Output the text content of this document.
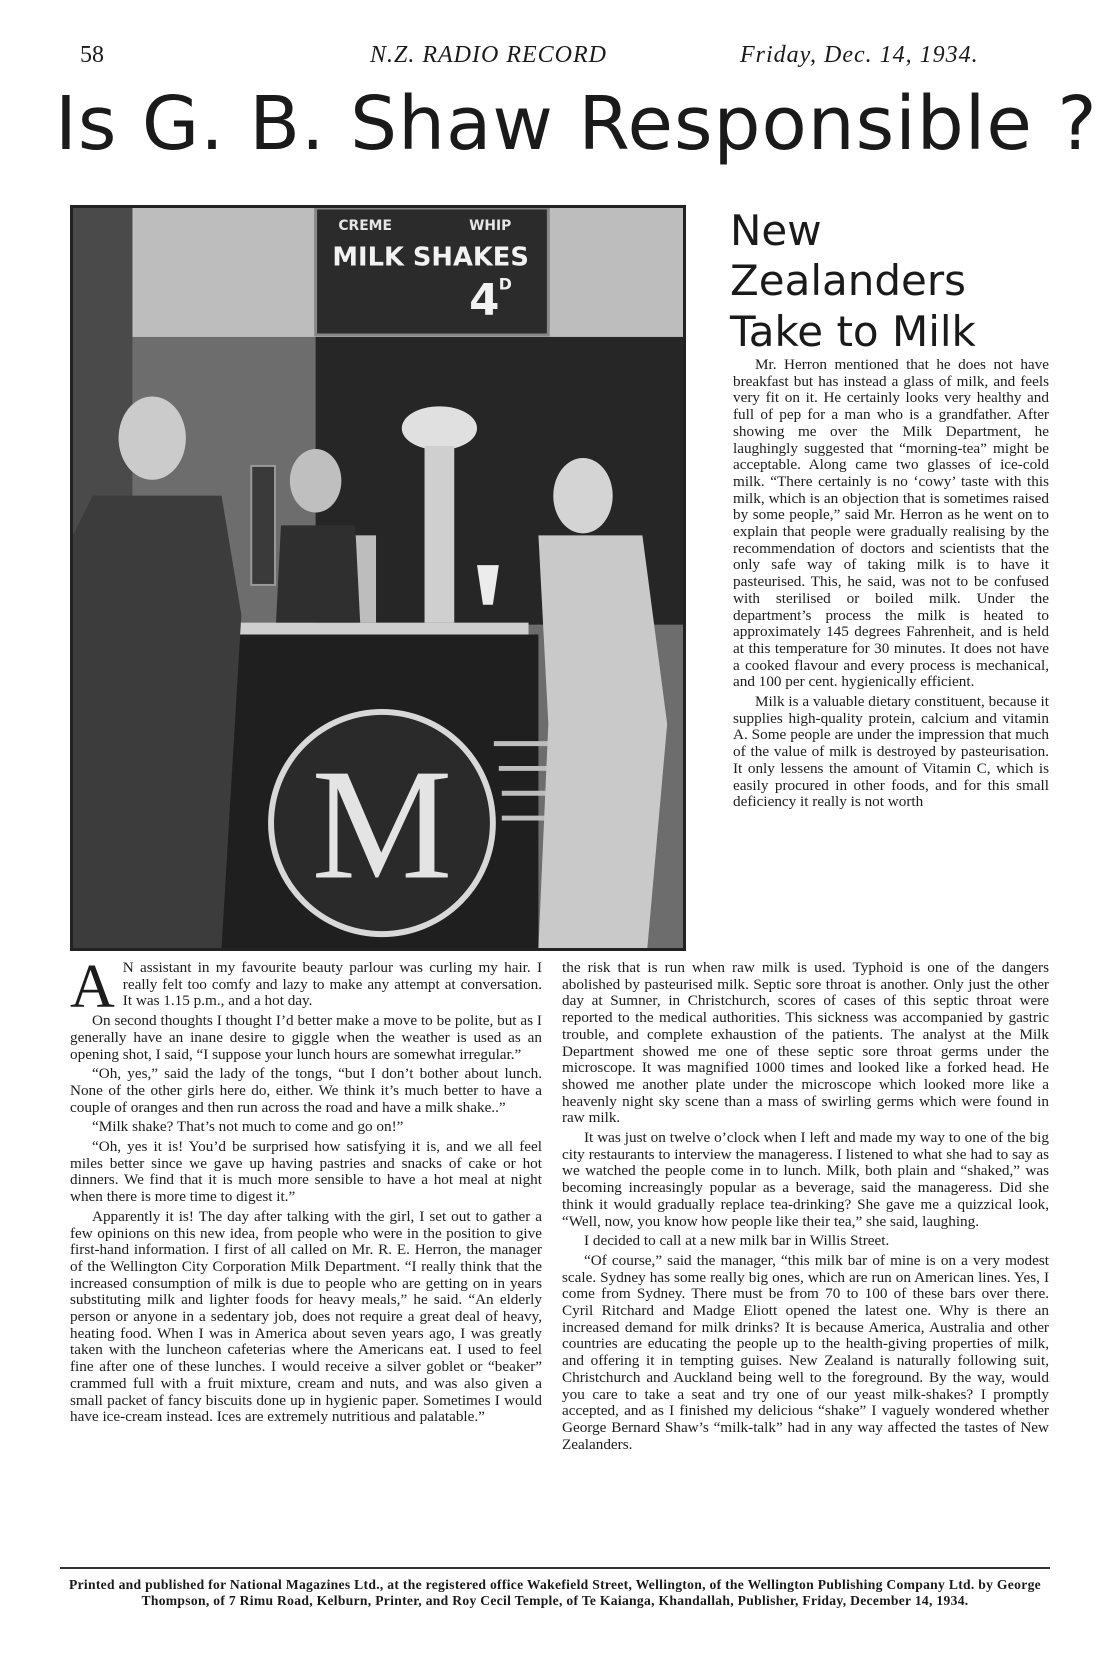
58	N.Z. RADIO RECORD	Friday, Dec. 14, 1934.
Is G. B. Shaw Responsible ?
CREME	WHIP
MILK SHAKES
4 D
M
New Zealanders Take to Milk

Mr. Herron mentioned that he does not have breakfast but has instead a glass of milk, and feels very fit on it. He certainly looks very healthy and full of pep for a man who is a grandfather. After showing me over the Milk Department, he laughingly suggested that “morning-tea” might be acceptable. Along came two glasses of ice-cold milk. “There certainly is no ‘cowy’ taste with this milk, which is an objection that is sometimes raised by some people,” said Mr. Herron as he went on to explain that people were gradually realising by the recommendation of doctors and scientists that the only safe way of taking milk is to have it pasteurised. This, he said, was not to be confused with sterilised or boiled milk. Under the department’s process the milk is heated to approximately 145 degrees Fahrenheit, and is held at this temperature for 30 minutes. It does not have a cooked flavour and every process is mechanical, and 100 per cent. hygienically efficient.

Milk is a valuable dietary constituent, because it supplies high-quality protein, calcium and vitamin A. Some people are under the impression that much of the value of milk is destroyed by pasteurisation. It only lessens the amount of Vitamin C, which is easily procured in other foods, and for this small deficiency it really is not worth

A N assistant in my favourite beauty parlour was curling my hair. I really felt too comfy and lazy to make any attempt at conversation. It was 1.15 p.m., and a hot day.

On second thoughts I thought I’d better make a move to be polite, but as I generally have an inane desire to giggle when the weather is used as an opening shot, I said, “I suppose your lunch hours are somewhat irregular.”

“Oh, yes,” said the lady of the tongs, “but I don’t bother about lunch. None of the other girls here do, either. We think it’s much better to have a couple of oranges and then run across the road and have a milk shake..”

“Milk shake? That’s not much to come and go on!”

“Oh, yes it is! You’d be surprised how satisfying it is, and we all feel miles better since we gave up having pastries and snacks of cake or hot dinners. We find that it is much more sensible to have a hot meal at night when there is more time to digest it.”

Apparently it is! The day after talking with the girl, I set out to gather a few opinions on this new idea, from people who were in the position to give first-hand information. I first of all called on Mr. R. E. Herron, the manager of the Wellington City Corporation Milk Department. “I really think that the increased consumption of milk is due to people who are getting on in years substituting milk and lighter foods for heavy meals,” he said. “An elderly person or anyone in a sedentary job, does not require a great deal of heavy, heating food. When I was in America about seven years ago, I was greatly taken with the luncheon cafeterias where the Americans eat. I used to feel fine after one of these lunches. I would receive a silver goblet or “beaker” crammed full with a fruit mixture, cream and nuts, and was also given a small packet of fancy biscuits done up in hygienic paper. Sometimes I would have ice-cream instead. Ices are extremely nutritious and palatable.”

the risk that is run when raw milk is used. Typhoid is one of the dangers abolished by pasteurised milk. Septic sore throat is another. Only just the other day at Sumner, in Christchurch, scores of cases of this septic throat were reported to the medical authorities. This sickness was accompanied by gastric trouble, and complete exhaustion of the patients. The analyst at the Milk Department showed me one of these septic sore throat germs under the microscope. It was magnified 1000 times and looked like a forked head. He showed me another plate under the microscope which looked more like a heavenly night sky scene than a mass of swirling germs which were found in raw milk.

It was just on twelve o’clock when I left and made my way to one of the big city restaurants to interview the manageress. I listened to what she had to say as we watched the people come in to lunch. Milk, both plain and “shaked,” was becoming increasingly popular as a beverage, said the manageress. Did she think it would gradually replace tea-drinking? She gave me a quizzical look, “Well, now, you know how people like their tea,” she said, laughing.

I decided to call at a new milk bar in Willis Street.

“Of course,” said the manager, “this milk bar of mine is on a very modest scale. Sydney has some really big ones, which are run on American lines. Yes, I come from Sydney. There must be from 70 to 100 of these bars over there. Cyril Ritchard and Madge Eliott opened the latest one. Why is there an increased demand for milk drinks? It is because America, Australia and other countries are educating the people up to the health-giving properties of milk, and offering it in tempting guises. New Zealand is naturally following suit, Christchurch and Auckland being well to the foreground. By the way, would you care to take a seat and try one of our yeast milk-shakes? I promptly accepted, and as I finished my delicious “shake” I vaguely wondered whether George Bernard Shaw’s “milk-talk” had in any way affected the tastes of New Zealanders.

Printed and published for National Magazines Ltd., at the registered office Wakefield Street, Wellington, of the Wellington Publishing Company Ltd. by George Thompson, of 7 Rimu Road, Kelburn, Printer, and Roy Cecil Temple, of Te Kaianga, Khandallah, Publisher, Friday, December 14, 1934.
